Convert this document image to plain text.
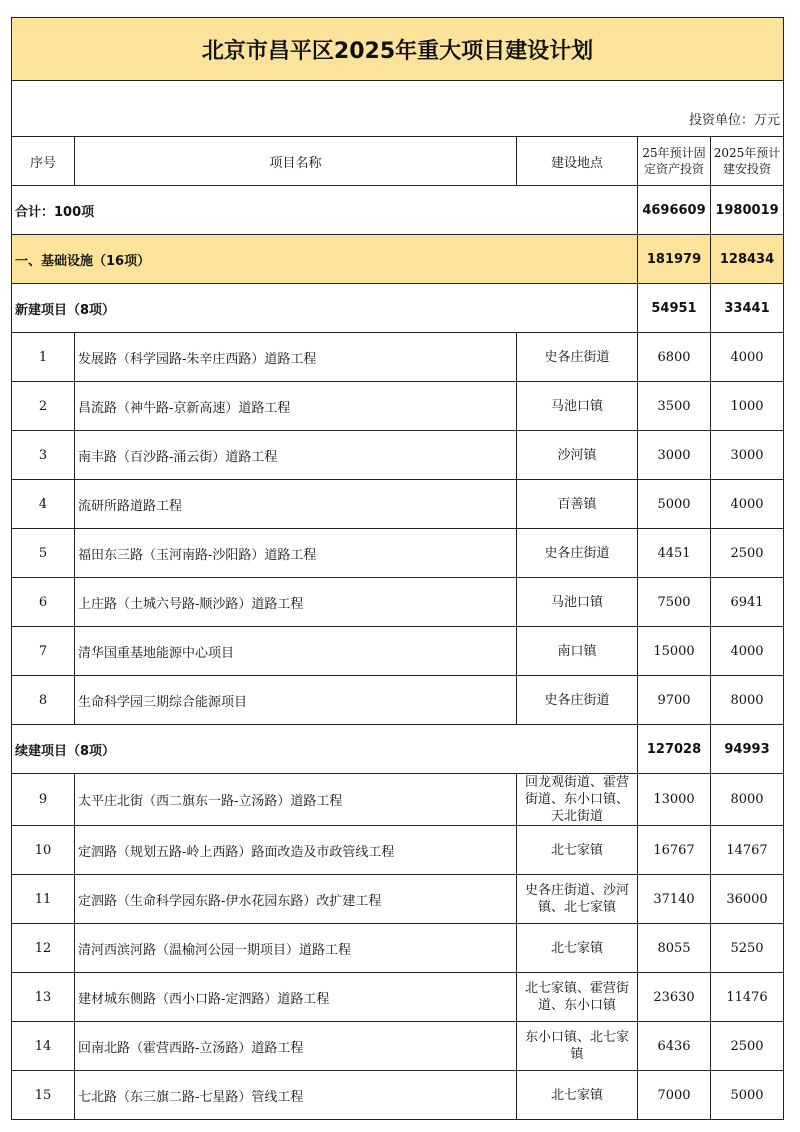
北京市昌平区2025年重大项目建设计划				
投资单位：万元				
序号	项目名称	建设地点	25年预计固定资产投资	2025年预计建安投资
合计：100项			4696609	1980019
一、基础设施（16项）			181979	128434
新建项目（8项）			54951	33441
1	发展路（科学园路-朱辛庄西路）道路工程	史各庄街道	6800	4000
2	昌流路（神牛路-京新高速）道路工程	马池口镇	3500	1000
3	南丰路（百沙路-涌云街）道路工程	沙河镇	3000	3000
4	流研所路道路工程	百善镇	5000	4000
5	福田东三路（玉河南路-沙阳路）道路工程	史各庄街道	4451	2500
6	上庄路（土城六号路-顺沙路）道路工程	马池口镇	7500	6941
7	清华国重基地能源中心项目	南口镇	15000	4000
8	生命科学园三期综合能源项目	史各庄街道	9700	8000
续建项目（8项）			127028	94993
9	太平庄北街（西二旗东一路-立汤路）道路工程	回龙观街道、霍营街道、东小口镇、天北街道	13000	8000
10	定泗路（规划五路-岭上西路）路面改造及市政管线工程	北七家镇	16767	14767
11	定泗路（生命科学园东路-伊水花园东路）改扩建工程	史各庄街道、沙河镇、北七家镇	37140	36000
12	清河西滨河路（温榆河公园一期项目）道路工程	北七家镇	8055	5250
13	建材城东侧路（西小口路-定泗路）道路工程	北七家镇、霍营街道、东小口镇	23630	11476
14	回南北路（霍营西路-立汤路）道路工程	东小口镇、北七家镇	6436	2500
15	七北路（东三旗二路-七星路）管线工程	北七家镇	7000	5000
